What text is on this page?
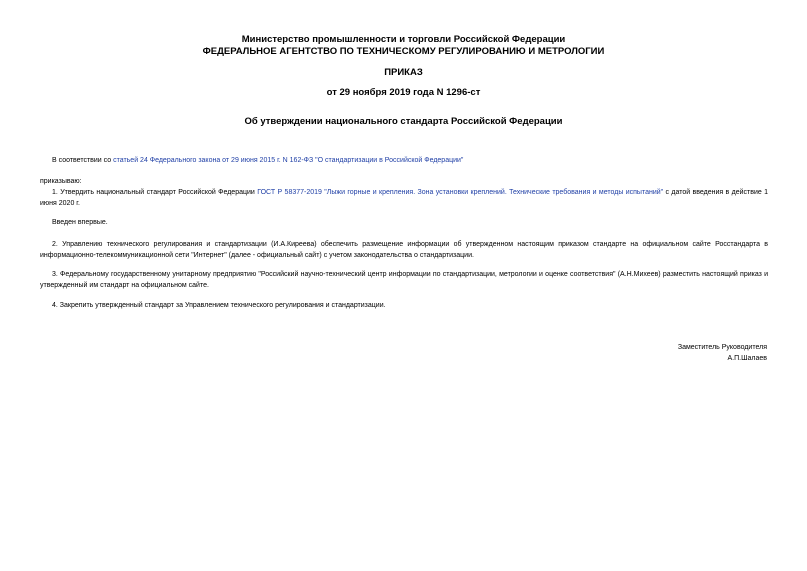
Министерство промышленности и торговли Российской Федерации
ФЕДЕРАЛЬНОЕ АГЕНТСТВО ПО ТЕХНИЧЕСКОМУ РЕГУЛИРОВАНИЮ И МЕТРОЛОГИИ
ПРИКАЗ
от 29 ноября 2019 года N 1296-ст
Об утверждении национального стандарта Российской Федерации
В соответствии со статьей 24 Федерального закона от 29 июня 2015 г. N 162-ФЗ "О стандартизации в Российской Федерации"
приказываю:
1. Утвердить национальный стандарт Российской Федерации ГОСТ Р 58377-2019 "Лыжи горные и крепления. Зона установки креплений. Технические требования и методы испытаний" с датой введения в действие 1 июня 2020 г.
Введен впервые.
2. Управлению технического регулирования и стандартизации (И.А.Киреева) обеспечить размещение информации об утвержденном настоящим приказом стандарте на официальном сайте Росстандарта в информационно-телекоммуникационной сети "Интернет" (далее - официальный сайт) с учетом законодательства о стандартизации.
3. Федеральному государственному унитарному предприятию "Российский научно-технический центр информации по стандартизации, метрологии и оценке соответствия" (А.Н.Михеев) разместить настоящий приказ и утвержденный им стандарт на официальном сайте.
4. Закрепить утвержденный стандарт за Управлением технического регулирования и стандартизации.
Заместитель Руководителя
А.П.Шалаев
